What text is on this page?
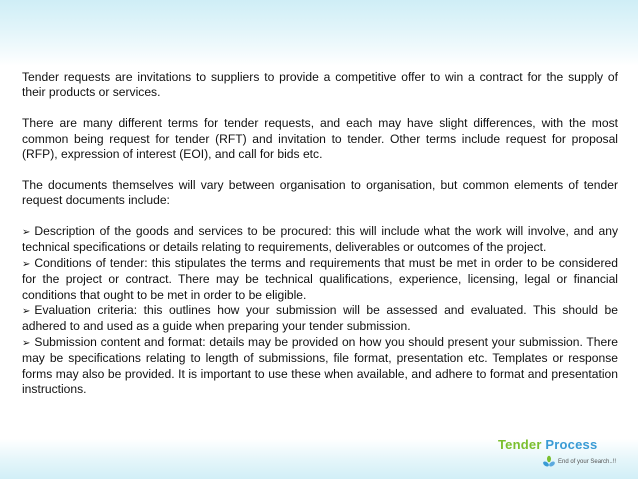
Tender requests are invitations to suppliers to provide a competitive offer to win a contract for the supply of their products or services.

There are many different terms for tender requests, and each may have slight differences, with the most common being request for tender (RFT) and invitation to tender. Other terms include request for proposal (RFP), expression of interest (EOI), and call for bids etc.

The documents themselves will vary between organisation to organisation, but common elements of tender request documents include:

➢ Description of the goods and services to be procured: this will include what the work will involve, and any technical specifications or details relating to requirements, deliverables or outcomes of the project.
➢ Conditions of tender: this stipulates the terms and requirements that must be met in order to be considered for the project or contract. There may be technical qualifications, experience, licensing, legal or financial conditions that ought to be met in order to be eligible.
➢ Evaluation criteria: this outlines how your submission will be assessed and evaluated. This should be adhered to and used as a guide when preparing your tender submission.
➢ Submission content and format: details may be provided on how you should present your submission. There may be specifications relating to length of submissions, file format, presentation etc. Templates or response forms may also be provided. It is important to use these when available, and adhere to format and presentation instructions.
Tender Process
End of your Search..!!
